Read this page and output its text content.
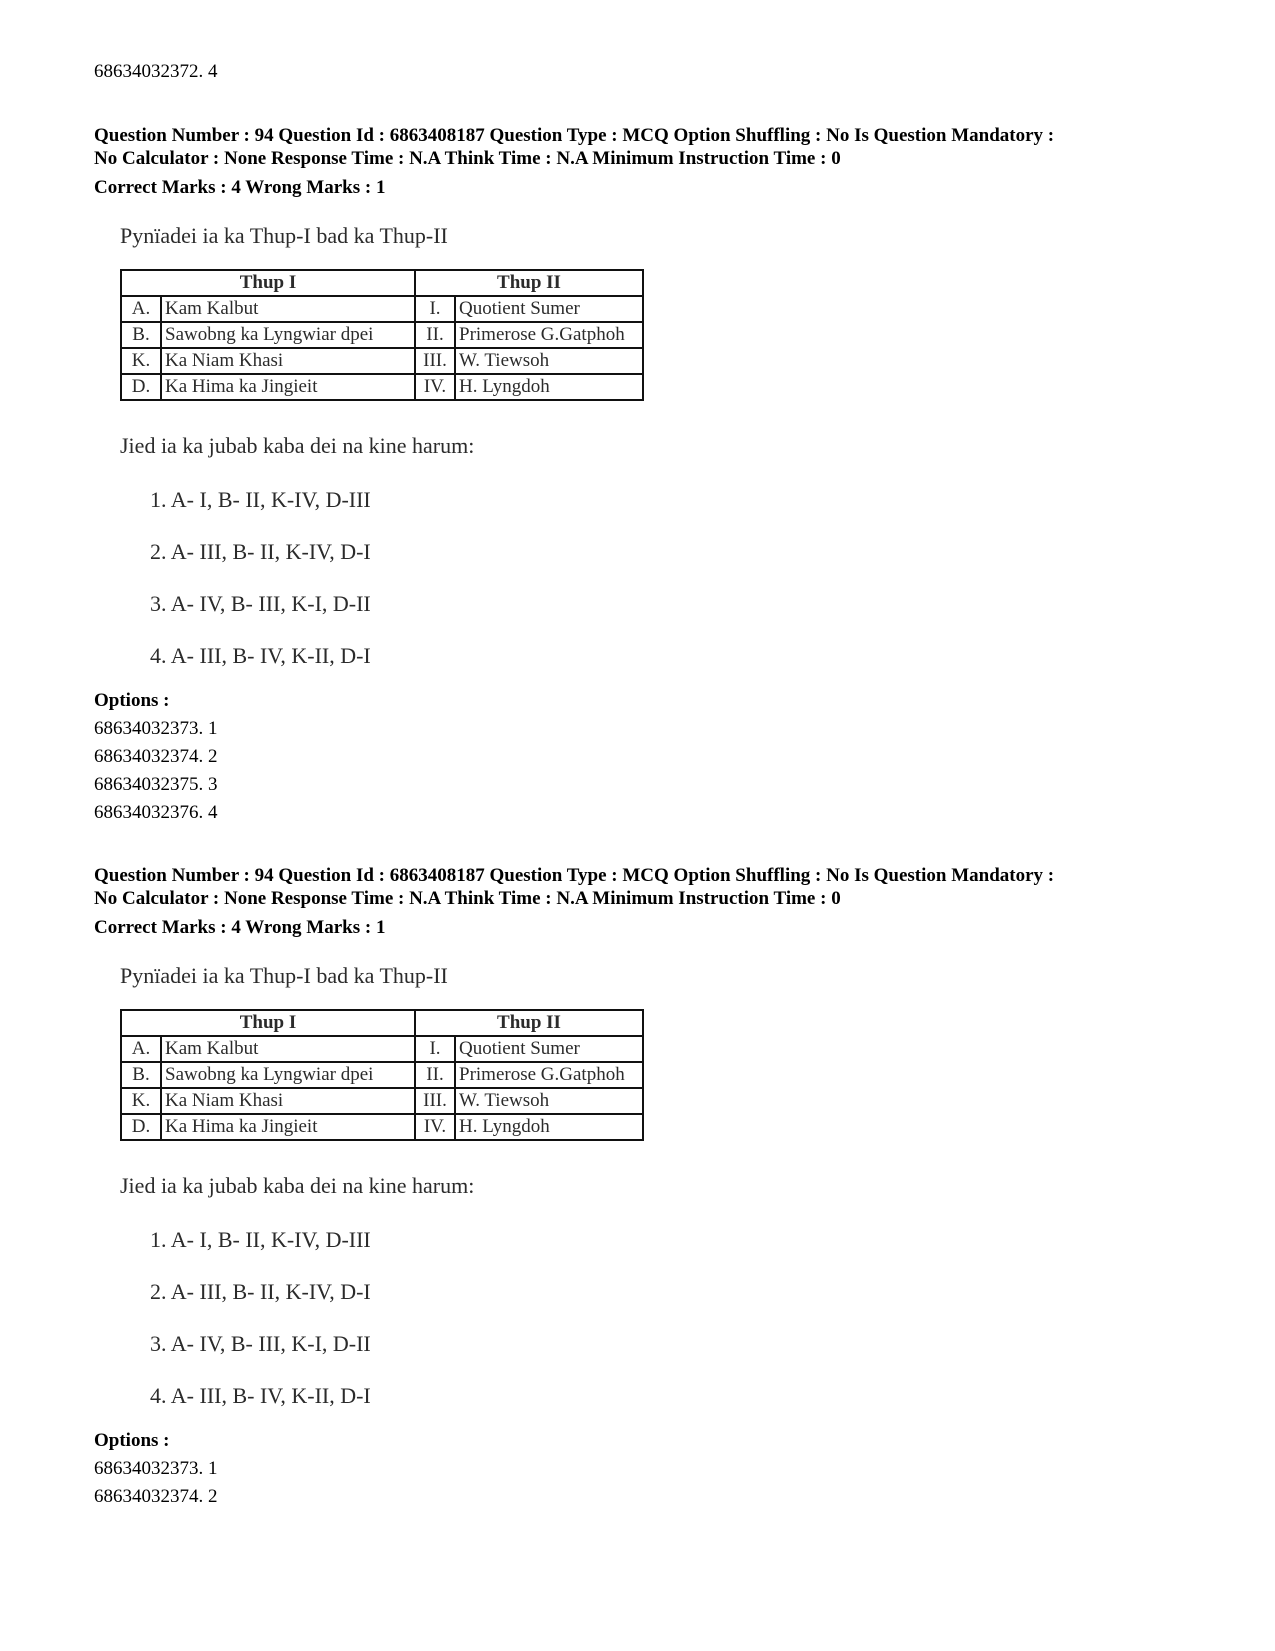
68634032372. 4
Question Number : 94 Question Id : 6863408187 Question Type : MCQ Option Shuffling : No Is Question Mandatory :
No Calculator : None Response Time : N.A Think Time : N.A Minimum Instruction Time : 0
Correct Marks : 4 Wrong Marks : 1
Pynïadei ia ka Thup-I bad ka Thup-II
Thup I		Thup II	
A.	Kam Kalbut	I.	Quotient Sumer
B.	Sawobng ka Lyngwiar dpei	II.	Primerose G.Gatphoh
K.	Ka Niam Khasi	III.	W. Tiewsoh
D.	Ka Hima ka Jingieit	IV.	H. Lyngdoh
Jied ia ka jubab kaba dei na kine harum:
1. A- I, B- II, K-IV, D-III
2. A- III, B- II, K-IV, D-I
3. A- IV, B- III, K-I, D-II
4. A- III, B- IV, K-II, D-I
Options :
68634032373. 1
68634032374. 2
68634032375. 3
68634032376. 4
Question Number : 94 Question Id : 6863408187 Question Type : MCQ Option Shuffling : No Is Question Mandatory :
No Calculator : None Response Time : N.A Think Time : N.A Minimum Instruction Time : 0
Correct Marks : 4 Wrong Marks : 1
Pynïadei ia ka Thup-I bad ka Thup-II
Thup I		Thup II	
A.	Kam Kalbut	I.	Quotient Sumer
B.	Sawobng ka Lyngwiar dpei	II.	Primerose G.Gatphoh
K.	Ka Niam Khasi	III.	W. Tiewsoh
D.	Ka Hima ka Jingieit	IV.	H. Lyngdoh
Jied ia ka jubab kaba dei na kine harum:
1. A- I, B- II, K-IV, D-III
2. A- III, B- II, K-IV, D-I
3. A- IV, B- III, K-I, D-II
4. A- III, B- IV, K-II, D-I
Options :
68634032373. 1
68634032374. 2
